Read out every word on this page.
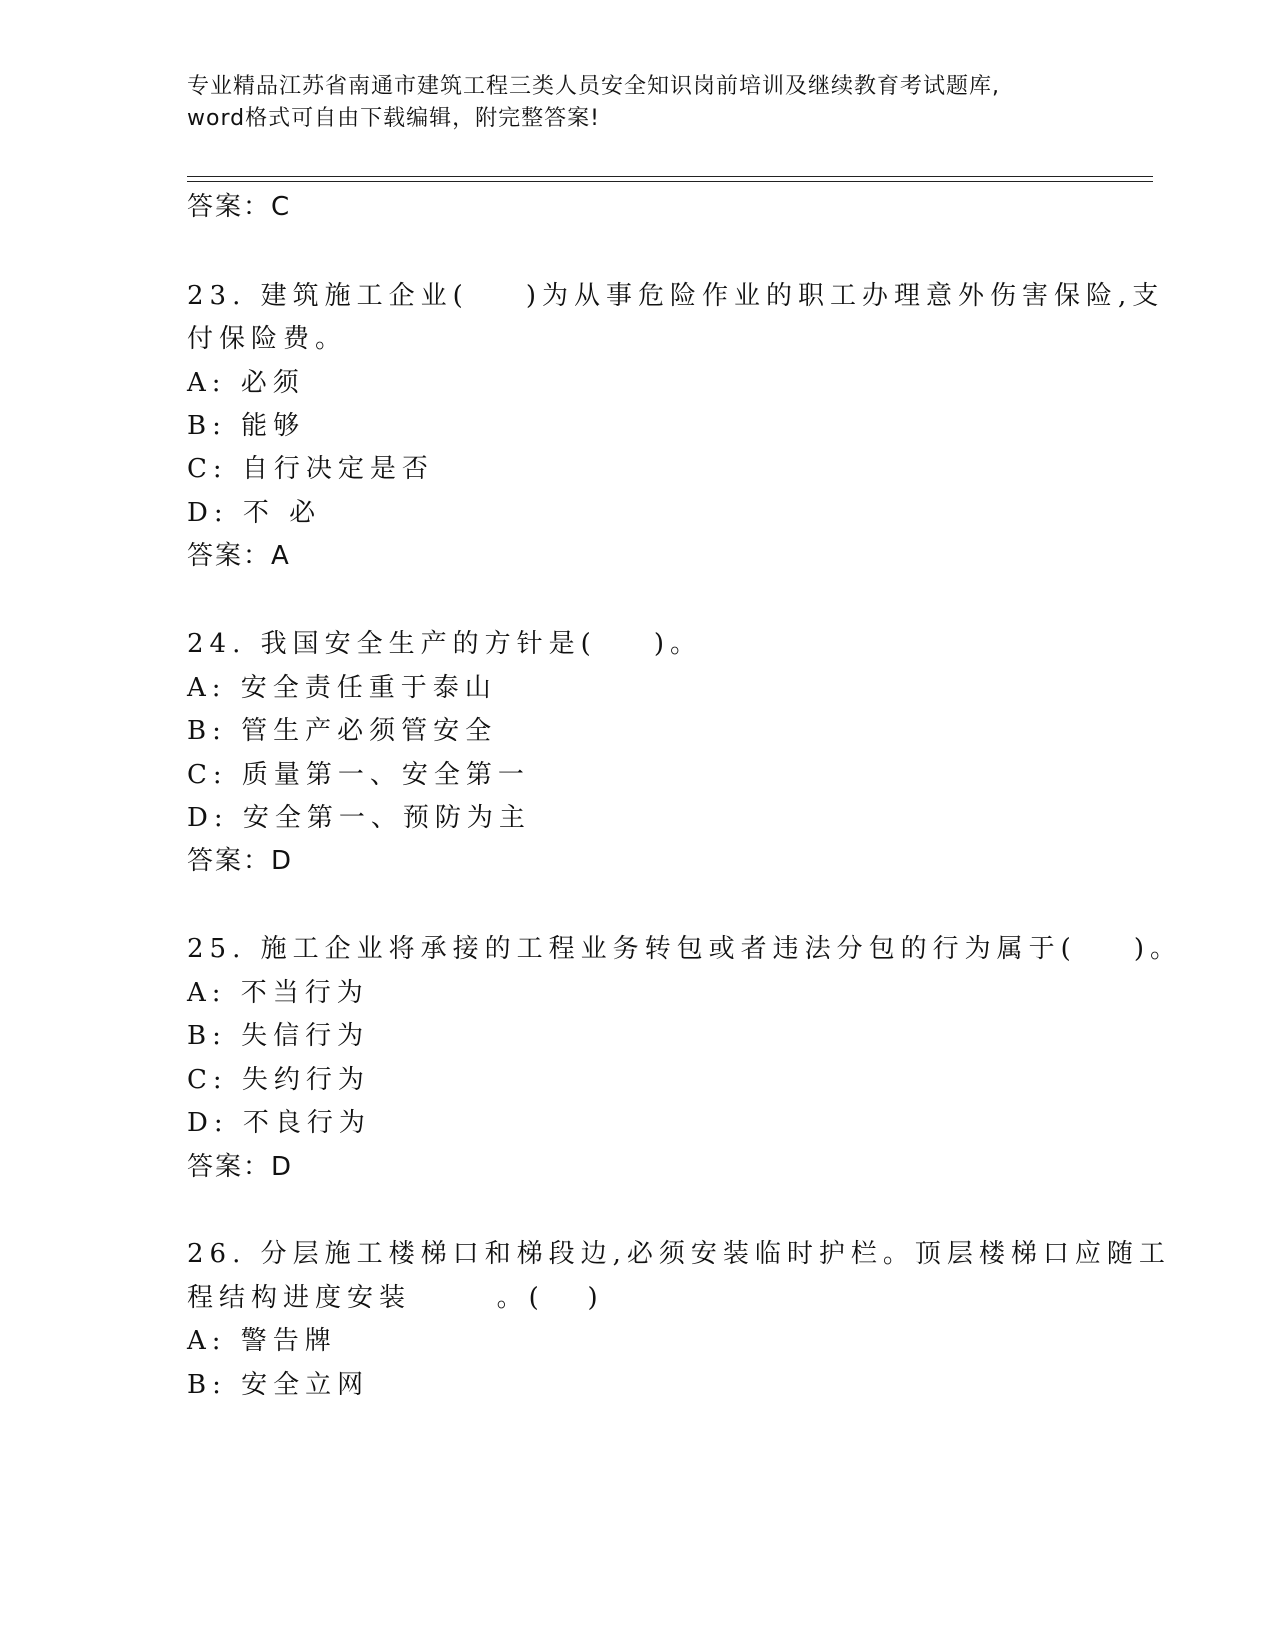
专业精品江苏省南通市建筑工程三类人员安全知识岗前培训及继续教育考试题库,
word格式可自由下载编辑，附完整答案!
答案：C
23. 建筑施工企业(    )为从事危险作业的职工办理意外伤害保险,支
付保险费。
A: 必须
B: 能够
C: 自行决定是否
D: 不 必
答案：A
24. 我国安全生产的方针是(    )。
A: 安全责任重于泰山
B: 管生产必须管安全
C: 质量第一、安全第一
D: 安全第一、预防为主
答案：D
25. 施工企业将承接的工程业务转包或者违法分包的行为属于(    )。
A: 不当行为
B: 失信行为
C: 失约行为
D: 不良行为
答案：D
26. 分层施工楼梯口和梯段边,必须安装临时护栏。顶层楼梯口应随工
程结构进度安装      。(   )
A: 警告牌
B: 安全立网
